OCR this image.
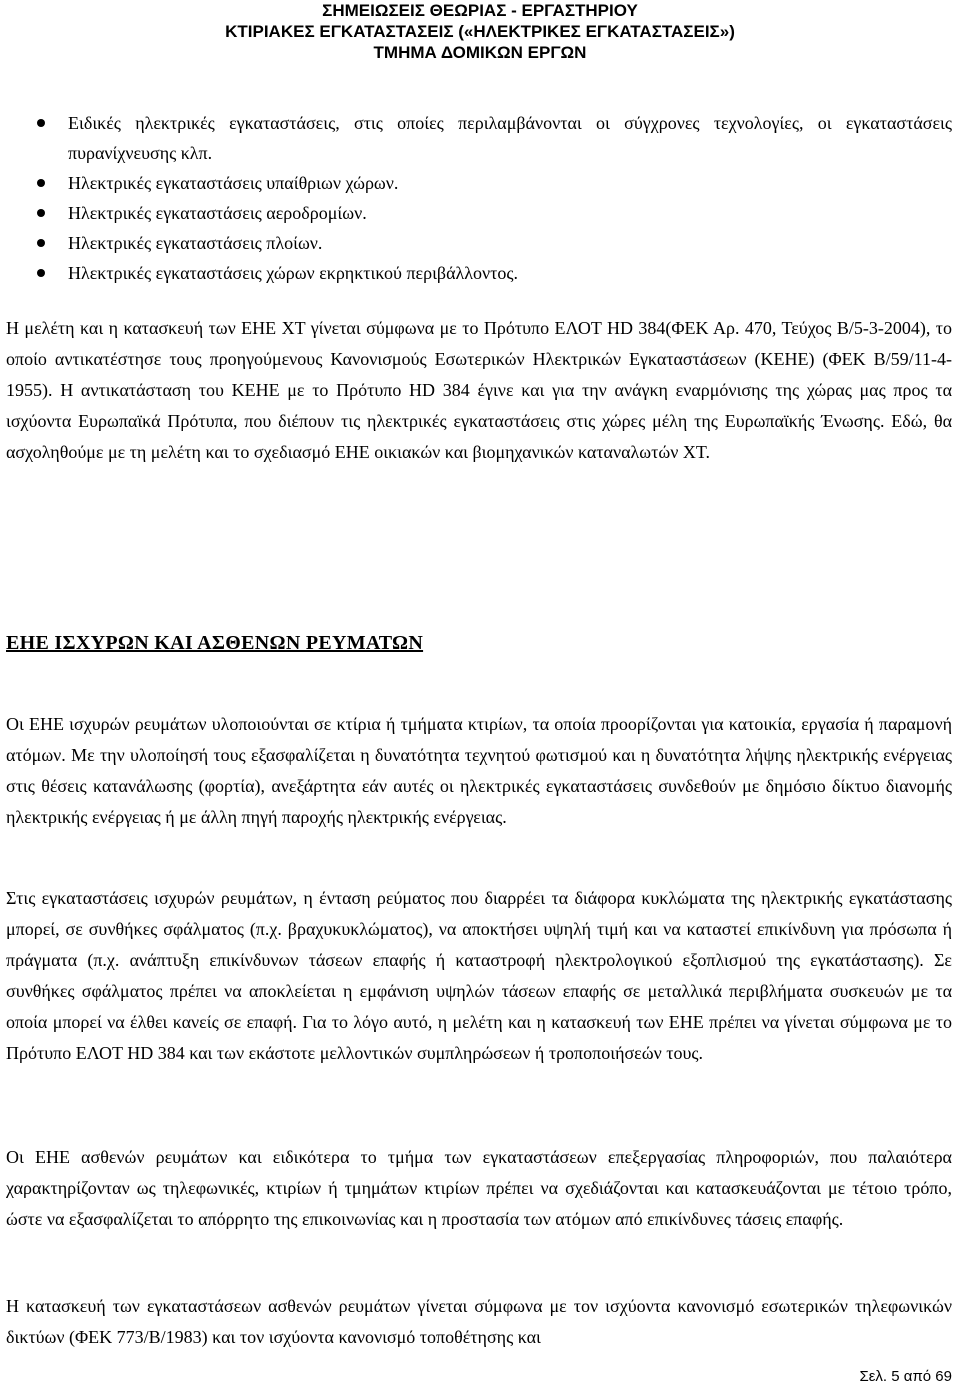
ΣΗΜΕΙΩΣΕΙΣ ΘΕΩΡΙΑΣ - ΕΡΓΑΣΤΗΡΙΟΥ
ΚΤΙΡΙΑΚΕΣ ΕΓΚΑΤΑΣΤΑΣΕΙΣ («ΗΛΕΚΤΡΙΚΕΣ ΕΓΚΑΤΑΣΤΑΣΕΙΣ»)
ΤΜΗΜΑ ΔΟΜΙΚΩΝ ΕΡΓΩΝ
Ειδικές ηλεκτρικές εγκαταστάσεις, στις οποίες περιλαμβάνονται οι σύγχρονες τεχνολογίες, οι εγκαταστάσεις πυρανίχνευσης κλπ.
Ηλεκτρικές εγκαταστάσεις υπαίθριων χώρων.
Ηλεκτρικές εγκαταστάσεις αεροδρομίων.
Ηλεκτρικές εγκαταστάσεις πλοίων.
Ηλεκτρικές εγκαταστάσεις χώρων εκρηκτικού περιβάλλοντος.

Η μελέτη και η κατασκευή των ΕΗΕ ΧΤ γίνεται σύμφωνα με το Πρότυπο ΕΛΟΤ HD 384(ΦΕΚ Αρ. 470, Τεύχος Β/5-3-2004), το οποίο αντικατέστησε τους προηγούμενους Κανονισμούς Εσωτερικών Ηλεκτρικών Εγκαταστάσεων (ΚΕΗΕ) (ΦΕΚ Β/59/11-4-1955). Η αντικατάσταση του ΚΕΗΕ με το Πρότυπο HD 384 έγινε και για την ανάγκη εναρμόνισης της χώρας μας προς τα ισχύοντα Ευρωπαϊκά Πρότυπα, που διέπουν τις ηλεκτρικές εγκαταστάσεις στις χώρες μέλη της Ευρωπαϊκής Ένωσης. Εδώ, θα ασχοληθούμε με τη μελέτη και το σχεδιασμό ΕΗΕ οικιακών και βιομηχανικών καταναλωτών ΧΤ.

ΕΗΕ ΙΣΧΥΡΩΝ ΚΑΙ ΑΣΘΕΝΩΝ ΡΕΥΜΑΤΩΝ

Οι ΕΗΕ ισχυρών ρευμάτων υλοποιούνται σε κτίρια ή τμήματα κτιρίων, τα οποία προορίζονται για κατοικία, εργασία ή παραμονή ατόμων. Με την υλοποίησή τους εξασφαλίζεται η δυνατότητα τεχνητού φωτισμού και η δυνατότητα λήψης ηλεκτρικής ενέργειας στις θέσεις κατανάλωσης (φορτία), ανεξάρτητα εάν αυτές οι ηλεκτρικές εγκαταστάσεις συνδεθούν με δημόσιο δίκτυο διανομής ηλεκτρικής ενέργειας ή με άλλη πηγή παροχής ηλεκτρικής ενέργειας.

Στις εγκαταστάσεις ισχυρών ρευμάτων, η ένταση ρεύματος που διαρρέει τα διάφορα κυκλώματα της ηλεκτρικής εγκατάστασης μπορεί, σε συνθήκες σφάλματος (π.χ. βραχυκυκλώματος), να αποκτήσει υψηλή τιμή και να καταστεί επικίνδυνη για πρόσωπα ή πράγματα (π.χ. ανάπτυξη επικίνδυνων τάσεων επαφής ή καταστροφή ηλεκτρολογικού εξοπλισμού της εγκατάστασης). Σε συνθήκες σφάλματος πρέπει να αποκλείεται η εμφάνιση υψηλών τάσεων επαφής σε μεταλλικά περιβλήματα συσκευών με τα οποία μπορεί να έλθει κανείς σε επαφή. Για το λόγο αυτό, η μελέτη και η κατασκευή των ΕΗΕ πρέπει να γίνεται σύμφωνα με το Πρότυπο ΕΛΟΤ HD 384 και των εκάστοτε μελλοντικών συμπληρώσεων ή τροποποιήσεών τους.

Οι ΕΗΕ ασθενών ρευμάτων και ειδικότερα το τμήμα των εγκαταστάσεων επεξεργασίας πληροφοριών, που παλαιότερα χαρακτηρίζονταν ως τηλεφωνικές, κτιρίων ή τμημάτων κτιρίων πρέπει να σχεδιάζονται και κατασκευάζονται με τέτοιο τρόπο, ώστε να εξασφαλίζεται το απόρρητο της επικοινωνίας και η προστασία των ατόμων από επικίνδυνες τάσεις επαφής.

Η κατασκευή των εγκαταστάσεων ασθενών ρευμάτων γίνεται σύμφωνα με τον ισχύοντα κανονισμό εσωτερικών τηλεφωνικών δικτύων (ΦΕΚ 773/Β/1983) και τον ισχύοντα κανονισμό τοποθέτησης και

Σελ. 5 από 69
